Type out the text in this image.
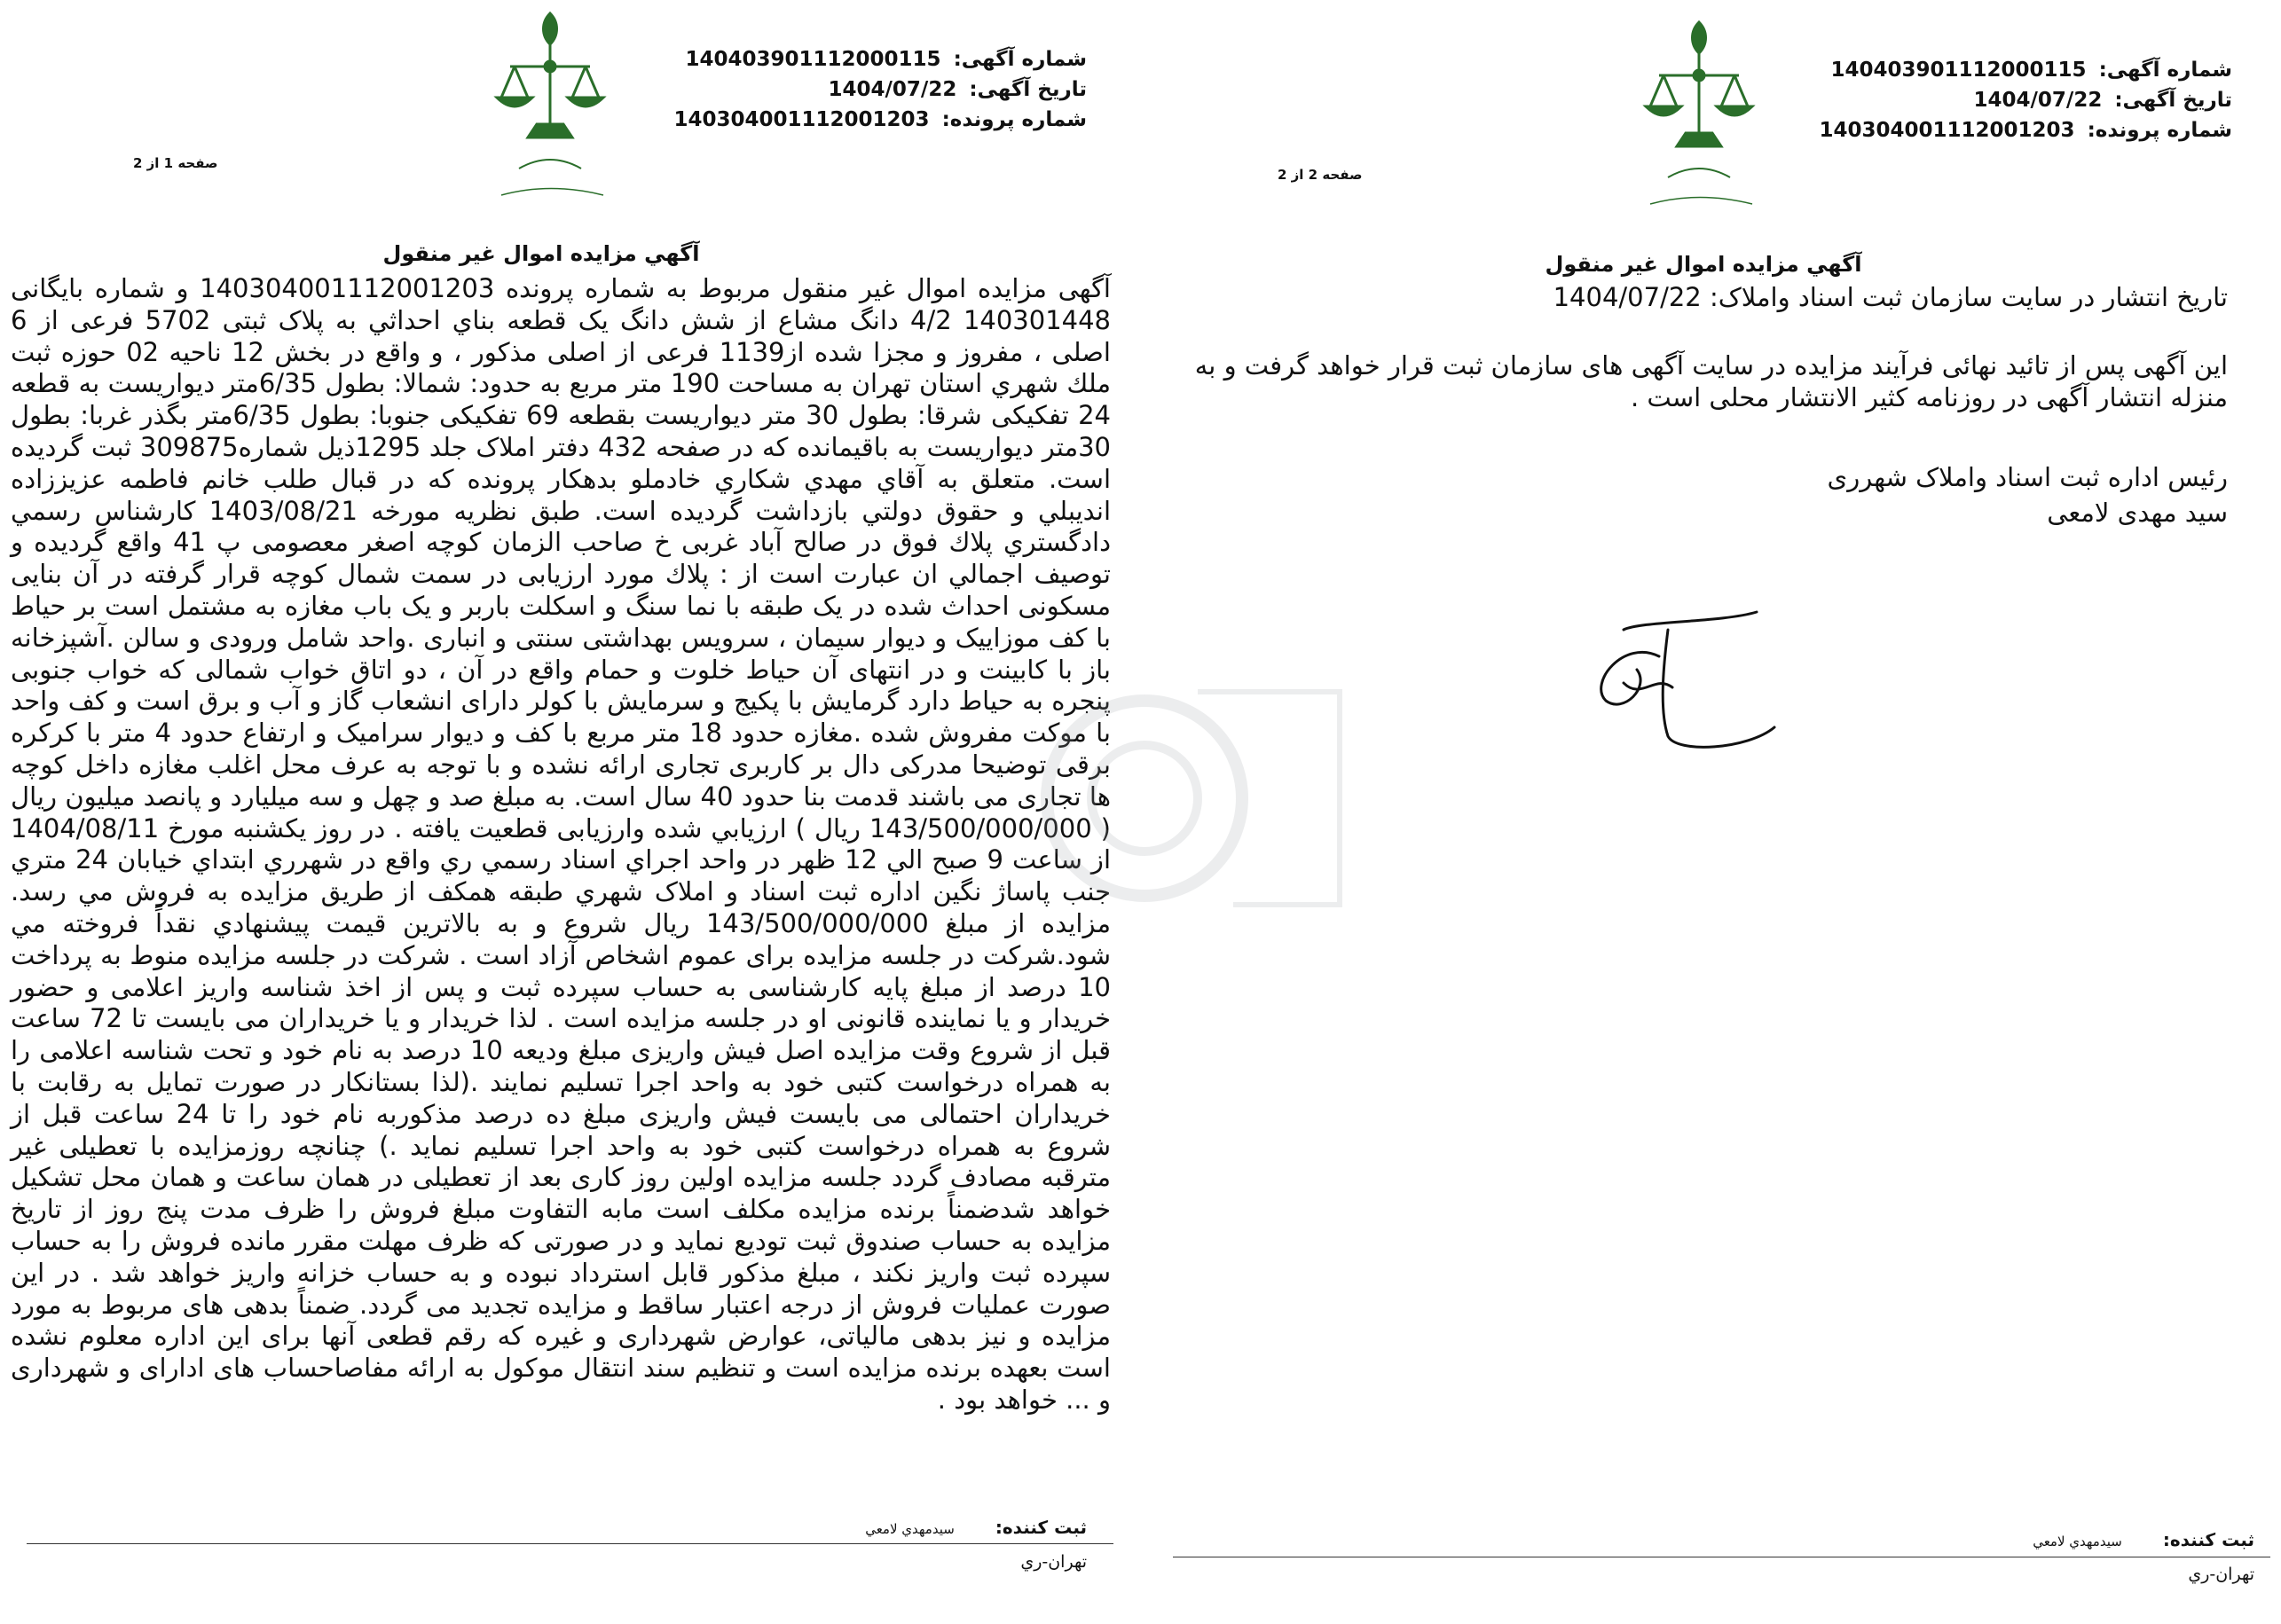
شماره آگهی: 140403901112000115
تاریخ آگهی: 1404/07/22
شماره پرونده: 140304001112001203
صفحه 1 از 2
آگهي مزايده اموال غير منقول
آگهی مزایده اموال غیر منقول مربوط به شماره پرونده 140304001112001203 و شماره بایگانی 140301448 4/2 دانگ مشاع از شش دانگ يک قطعه بناي احداثي به پلاک ثبتی 5702 فرعی از 6 اصلی ، مفروز و مجزا شده از1139 فرعی از اصلی مذکور ، و واقع در بخش 12 ناحيه 02 حوزه ثبت ملك شهري استان تهران به مساحت 190 متر مربع به حدود: شمالا: بطول 6/35متر ديواريست به قطعه 24 تفکيکی شرقا: بطول 30 متر ديواريست بقطعه 69 تفکيکی جنوبا: بطول 6/35متر بگذر غربا: بطول 30متر ديواريست به باقيمانده كه در صفحه 432 دفتر املاک جلد 1295ذيل شماره309875 ثبت گرديده است. متعلق به آقاي مهدي شکاري خادملو بدهكار پرونده كه در قبال طلب خانم فاطمه عزيززاده انديبلي و حقوق دولتي بازداشت گرديده است. طبق نظریه مورخه 1403/08/21 کارشناس رسمي دادگستري پلاك فوق در صالح آباد غربی خ صاحب الزمان کوچه اصغر معصومی پ 41 واقع گرديده و توصيف اجمالي ان عبارت است از : پلاك مورد ارزیابی در سمت شمال کوچه قرار گرفته در آن بنایی مسکونی احداث شده در یک طبقه با نما سنگ و اسکلت باربر و یک باب مغازه به مشتمل است بر حیاط با کف موزاییک و دیوار سیمان ، سرویس بهداشتی سنتی و انباری .واحد شامل ورودی و سالن .آشپزخانه باز با کابینت و در انتهای آن حیاط خلوت و حمام واقع در آن ، دو اتاق خواب شمالی که خواب جنوبی پنجره به حیاط دارد گرمایش با پکیج و سرمایش با کولر دارای انشعاب گاز و آب و برق است و کف واحد با موکت مفروش شده .مغازه حدود 18 متر مربع با کف و دیوار سرامیک و ارتفاع حدود 4 متر با کرکره برقی توضیحا مدرکی دال بر کاربری تجاری ارائه نشده و با توجه به عرف محل اغلب مغازه داخل کوچه ها تجاری می باشند قدمت بنا حدود 40 سال است. به مبلغ صد و چهل و سه ميليارد و پانصد ميليون ريال ( 143/500/000/000 ريال ) ارزيابي شده وارزيابی قطعيت يافته . در روز يکشنبه مورخ 1404/08/11 از ساعت 9 صبح الي 12 ظهر در واحد اجراي اسناد رسمي ري واقع در شهرري ابتداي خيابان 24 متري جنب پاساژ نگين اداره ثبت اسناد و املاک شهري طبقه همکف از طريق مزايده به فروش مي رسد. مزايده از مبلغ 143/500/000/000 ريال شروع و به بالاترين قيمت پيشنهادي نقداً فروخته مي شود.شرکت در جلسه مزايده برای عموم اشخاص آزاد است . شرکت در جلسه مزایده منوط به پرداخت 10 درصد از مبلغ پایه کارشناسی به حساب سپرده ثبت و پس از اخذ شناسه واریز اعلامی و حضور خریدار و یا نماینده قانونی او در جلسه مزایده است . لذا خریدار و یا خریداران می بایست تا 72 ساعت قبل از شروع وقت مزایده اصل فیش واریزی مبلغ ودیعه 10 درصد به نام خود و تحت شناسه اعلامی را به همراه درخواست کتبی خود به واحد اجرا تسلیم نمایند .(لذا بستانکار در صورت تمایل به رقابت با خریداران احتمالی می بایست فیش واریزی مبلغ ده درصد مذکوربه نام خود را تا 24 ساعت قبل از شروع به همراه درخواست کتبی خود به واحد اجرا تسلیم نماید .) چنانچه روزمزایده با تعطیلی غیر مترقبه مصادف گردد جلسه مزایده اولین روز کاری بعد از تعطیلی در همان ساعت و همان محل تشکیل خواهد شدضمناً برنده مزایده مکلف است مابه التفاوت مبلغ فروش را ظرف مدت پنج روز از تاریخ مزایده به حساب صندوق ثبت تودیع نماید و در صورتی که ظرف مهلت مقرر مانده فروش را به حساب سپرده ثبت واریز نکند ، مبلغ مذکور قابل استرداد نبوده و به حساب خزانه واریز خواهد شد . در این صورت عملیات فروش از درجه اعتبار ساقط و مزایده تجدید می گردد. ضمناً بدهی های مربوط به مورد مزایده و نیز بدهی مالیاتی، عوارض شهرداری و غیره که رقم قطعی آنها برای این اداره معلوم نشده است بعهده برنده مزایده است و تنظیم سند انتقال موکول به ارائه مفاصاحساب های ادارای و شهرداری و ... خواهد بود .
ثبت كننده: سیدمهدي لامعي
تهران-ري
شماره آگهی: 140403901112000115
تاریخ آگهی: 1404/07/22
شماره پرونده: 140304001112001203
صفحه 2 از 2
آگهي مزايده اموال غير منقول
تاریخ انتشار در سایت سازمان ثبت اسناد واملاک: 1404/07/22
این آگهی پس از تائید نهائی فرآیند مزایده در سایت آگهی های سازمان ثبت قرار خواهد گرفت و به منزله انتشار آگهی در روزنامه کثیر الانتشار محلی است .
رئیس اداره ثبت اسناد واملاک شهرری
سید مهدی لامعی
ثبت كننده: سیدمهدي لامعي
تهران-ري
